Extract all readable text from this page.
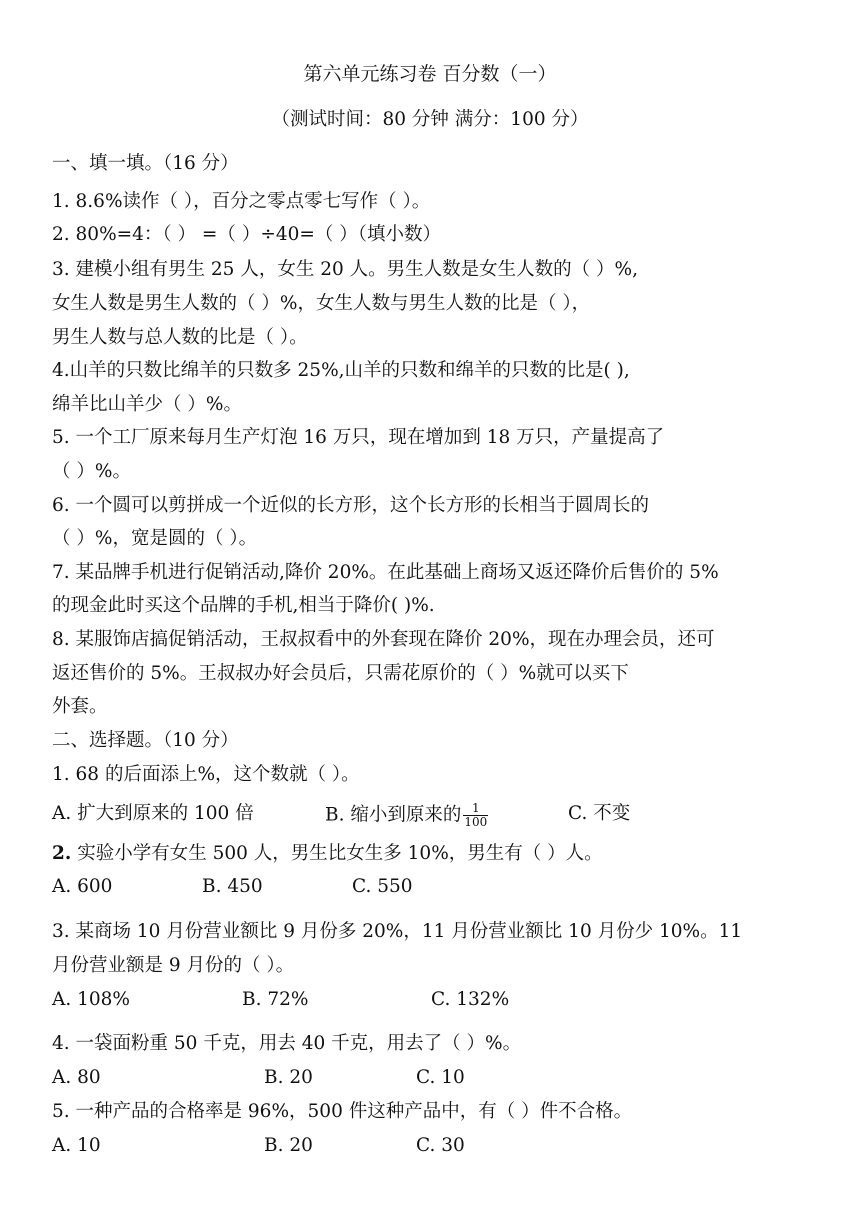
第六单元练习卷 百分数（一）
（测试时间：80 分钟 满分：100 分）
一、填一填。（16 分）
1. 8.6%读作（ ），百分之零点零七写作（ ）。
2. 80%=4：（ ） =（ ）÷40=（ ）（填小数）
3. 建模小组有男生 25 人，女生 20 人。男生人数是女生人数的（ ）%,
女生人数是男生人数的（ ）%，女生人数与男生人数的比是（ ），
男生人数与总人数的比是（ ）。
4.山羊的只数比绵羊的只数多 25%,山羊的只数和绵羊的只数的比是( ),
绵羊比山羊少（ ）%。
5. 一个工厂原来每月生产灯泡 16 万只，现在增加到 18 万只，产量提高了
（ ）%。
6. 一个圆可以剪拼成一个近似的长方形，这个长方形的长相当于圆周长的
（ ）%，宽是圆的（ ）。
7. 某品牌手机进行促销活动,降价 20%。在此基础上商场又返还降价后售价的 5%
的现金此时买这个品牌的手机,相当于降价( )%.
8. 某服饰店搞促销活动，王叔叔看中的外套现在降价 20%，现在办理会员，还可
返还售价的 5%。王叔叔办好会员后，只需花原价的（ ）%就可以买下
外套。
二、选择题。（10 分）
1. 68 的后面添上%，这个数就（ ）。
A. 扩大到原来的 100 倍	B. 缩小到原来的 $\frac{1}{100}$	C. 不变
2. 实验小学有女生 500 人，男生比女生多 10%，男生有（ ）人。
A. 600	B. 450	C. 550
3. 某商场 10 月份营业额比 9 月份多 20%，11 月份营业额比 10 月份少 10%。11
月份营业额是 9 月份的（ ）。
A. 108%	B. 72%	C. 132%
4. 一袋面粉重 50 千克，用去 40 千克，用去了（ ）%。
A. 80	B. 20	C. 10
5. 一种产品的合格率是 96%，500 件这种产品中，有（ ）件不合格。
A. 10	B. 20	C. 30
